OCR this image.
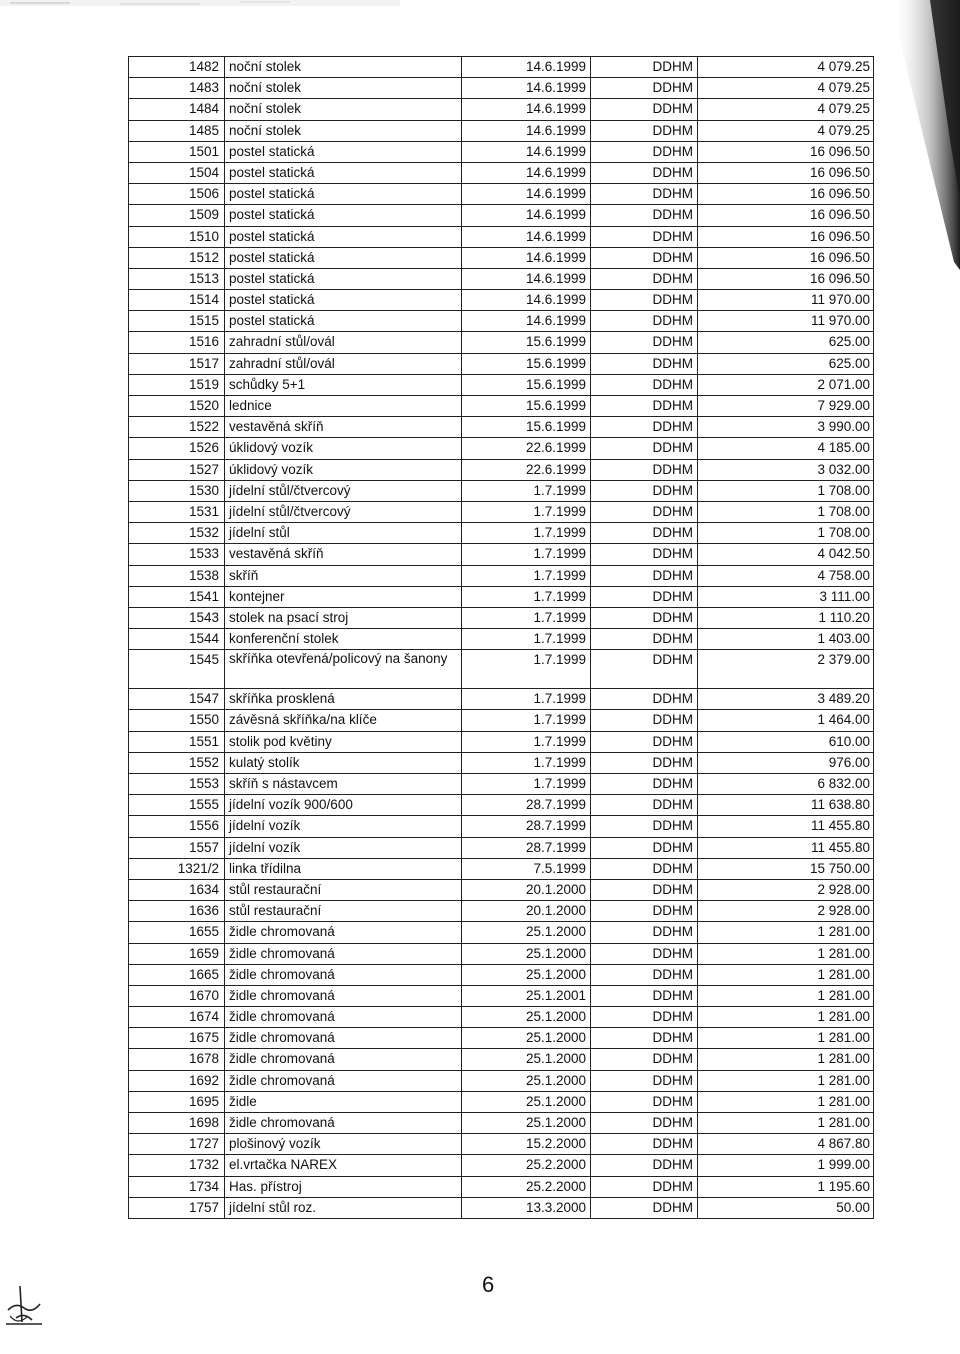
1482	noční stolek	14.6.1999	DDHM	4 079.25
1483	noční stolek	14.6.1999	DDHM	4 079.25
1484	noční stolek	14.6.1999	DDHM	4 079.25
1485	noční stolek	14.6.1999	DDHM	4 079.25
1501	postel statická	14.6.1999	DDHM	16 096.50
1504	postel statická	14.6.1999	DDHM	16 096.50
1506	postel statická	14.6.1999	DDHM	16 096.50
1509	postel statická	14.6.1999	DDHM	16 096.50
1510	postel statická	14.6.1999	DDHM	16 096.50
1512	postel statická	14.6.1999	DDHM	16 096.50
1513	postel statická	14.6.1999	DDHM	16 096.50
1514	postel statická	14.6.1999	DDHM	11 970.00
1515	postel statická	14.6.1999	DDHM	11 970.00
1516	zahradní stůl/ovál	15.6.1999	DDHM	625.00
1517	zahradní stůl/ovál	15.6.1999	DDHM	625.00
1519	schůdky 5+1	15.6.1999	DDHM	2 071.00
1520	lednice	15.6.1999	DDHM	7 929.00
1522	vestavěná skříň	15.6.1999	DDHM	3 990.00
1526	úklidový vozík	22.6.1999	DDHM	4 185.00
1527	úklidový vozík	22.6.1999	DDHM	3 032.00
1530	jídelní stůl/čtvercový	1.7.1999	DDHM	1 708.00
1531	jídelní stůl/čtvercový	1.7.1999	DDHM	1 708.00
1532	jídelní stůl	1.7.1999	DDHM	1 708.00
1533	vestavěná skříň	1.7.1999	DDHM	4 042.50
1538	skříň	1.7.1999	DDHM	4 758.00
1541	kontejner	1.7.1999	DDHM	3 111.00
1543	stolek na psací stroj	1.7.1999	DDHM	1 110.20
1544	konferenční stolek	1.7.1999	DDHM	1 403.00
1545	skříňka otevřená/policový na šanony	1.7.1999	DDHM	2 379.00
1547	skříňka prosklená	1.7.1999	DDHM	3 489.20
1550	závěsná skříňka/na klíče	1.7.1999	DDHM	1 464.00
1551	stolik pod květiny	1.7.1999	DDHM	610.00
1552	kulatý stolík	1.7.1999	DDHM	976.00
1553	skříň s nástavcem	1.7.1999	DDHM	6 832.00
1555	jídelní vozík 900/600	28.7.1999	DDHM	11 638.80
1556	jídelní vozík	28.7.1999	DDHM	11 455.80
1557	jídelní vozík	28.7.1999	DDHM	11 455.80
1321/2	linka třídilna	7.5.1999	DDHM	15 750.00
1634	stůl restaurační	20.1.2000	DDHM	2 928.00
1636	stůl restaurační	20.1.2000	DDHM	2 928.00
1655	židle chromovaná	25.1.2000	DDHM	1 281.00
1659	židle chromovaná	25.1.2000	DDHM	1 281.00
1665	židle chromovaná	25.1.2000	DDHM	1 281.00
1670	židle chromovaná	25.1.2001	DDHM	1 281.00
1674	židle chromovaná	25.1.2000	DDHM	1 281.00
1675	židle chromovaná	25.1.2000	DDHM	1 281.00
1678	židle chromovaná	25.1.2000	DDHM	1 281.00
1692	židle chromovaná	25.1.2000	DDHM	1 281.00
1695	židle	25.1.2000	DDHM	1 281.00
1698	židle chromovaná	25.1.2000	DDHM	1 281.00
1727	plošinový vozík	15.2.2000	DDHM	4 867.80
1732	el.vrtačka NAREX	25.2.2000	DDHM	1 999.00
1734	Has. přístroj	25.2.2000	DDHM	1 195.60
1757	jídelní stůl roz.	13.3.2000	DDHM	50.00
6
